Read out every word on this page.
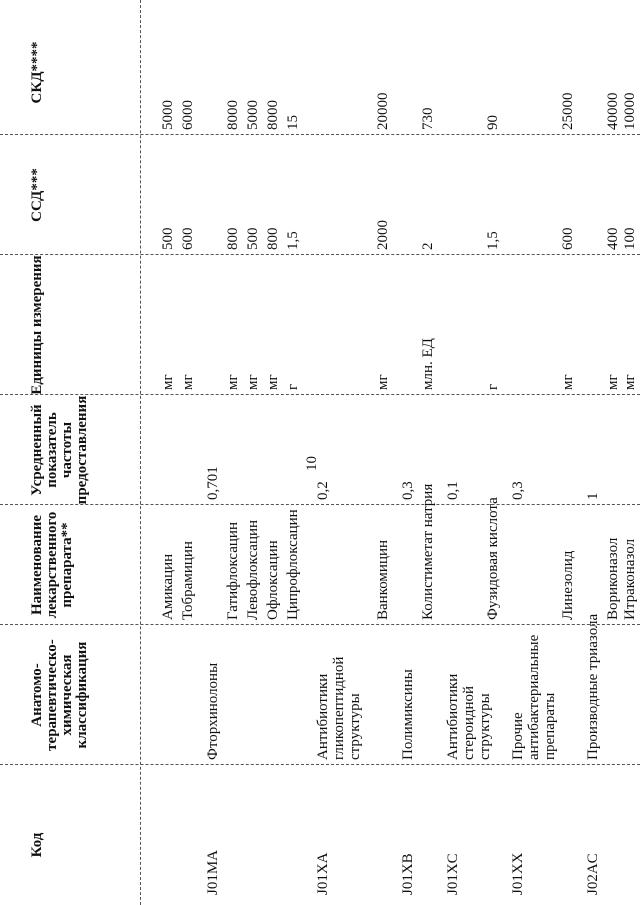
10
Код
Анатомо-терапевтическо-химическая классификация
Наименование лекарственного препарата**
Усредненный показатель частоты предоставления
Единицы измерения
ССД***
СКД****
Амикацин
мг
500
5000
Тобрамицин
мг
600
6000
J01MA
Фторхинолоны
0,701
Гатифлоксацин
мг
800
8000
Левофлоксацин
мг
500
5000
Офлоксацин
мг
800
8000
Ципрофлоксацин
г
1,5
15
J01XA
Антибиотики гликопептидной структуры
0,2
Ванкомицин
мг
2000
20000
J01XB
Полимиксины
0,3 Колистиметат натрия
млн. ЕД
2
730
J01XC
Антибиотики стероидной структуры
0,1
Фузидовая кислота
г
1,5
90
J01XX
Прочие антибактериальные препараты
0,3
Линезолид
мг
600
25000
J02AC
Производные триазола
1
Вориконазол
мг
400
40000
Итраконазол
мг
100
10000
